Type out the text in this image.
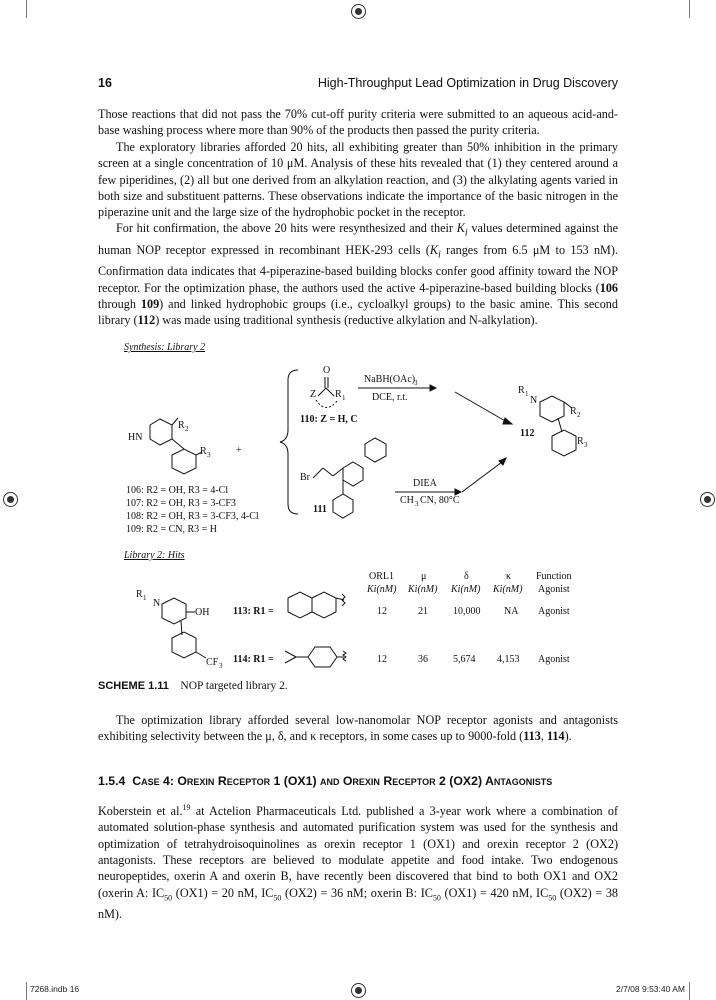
16	High-Throughput Lead Optimization in Drug Discovery

Those reactions that did not pass the 70% cut-off purity criteria were submitted to an aqueous acid-and-base washing process where more than 90% of the products then passed the purity criteria.

The exploratory libraries afforded 20 hits, all exhibiting greater than 50% inhibition in the primary screen at a single concentration of 10 μM. Analysis of these hits revealed that (1) they centered around a few piperidines, (2) all but one derived from an alkylation reaction, and (3) the alkylating agents varied in both size and substituent patterns. These observations indicate the importance of the basic nitrogen in the piperazine unit and the large size of the hydrophobic pocket in the receptor.

For hit confirmation, the above 20 hits were resynthesized and their $K_i$ values determined against the human NOP receptor expressed in recombinant HEK-293 cells ($K_i$ ranges from 6.5 μM to 153 nM). Confirmation data indicates that 4-piperazine-based building blocks confer good affinity toward the NOP receptor. For the optimization phase, the authors used the active 4-piperazine-based building blocks (106 through 109) and linked hydrophobic groups (i.e., cycloalkyl groups) to the basic amine. This second library (112) was made using traditional synthesis (reductive alkylation and N-alkylation).

Synthesis: Library 2
Library 2: Hits
HN
R 2
R 3	+
106: R2 = OH, R3 = 4-Cl
107: R2 = OH, R3 = 3-CF3
108: R2 = OH, R3 = 3-CF3, 4-Cl
109: R2 = CN, R3 = H
O
Z R 1
110: Z = H, C
NaBH(OAc)
3
DCE, r.t.
Br
111
DIEA
CH 3 CN, 80°C
R 1
N
R 2
R 3
112
R 1 N
OH
CF 3
ORL1	μ	δ	κ Function
Ki(nM) Ki(nM) Ki(nM) Ki(nM) Agonist
113: R1 =	12	21	10,000 NA Agonist
114: R1 =	12	36	5,674 4,153 Agonist
SCHEME 1.11 NOP targeted library 2.

The optimization library afforded several low-nanomolar NOP receptor agonists and antagonists exhibiting selectivity between the μ, δ, and κ receptors, in some cases up to 9000-fold (113, 114).

1.5.4 Case 4: Orexin Receptor 1 (OX1) and Orexin Receptor 2 (OX2) Antagonists

Koberstein et al.$^{19}$ at Actelion Pharmaceuticals Ltd. published a 3-year work where a combination of automated solution-phase synthesis and automated purification system was used for the synthesis and optimization of tetrahydroisoquinolines as orexin receptor 1 (OX1) and orexin receptor 2 (OX2) antagonists. These receptors are believed to modulate appetite and food intake. Two endogenous neuropeptides, oxerin A and oxerin B, have recently been discovered that bind to both OX1 and OX2 (oxerin A: $IC_{50}$ (OX1) = 20 nM, $IC_{50}$ (OX2) = 36 nM; oxerin B: $IC_{50}$ (OX1) = 420 nM, $IC_{50}$ (OX2) = 38 nM).

7268.indb 16	2/7/08 9:53:40 AM
